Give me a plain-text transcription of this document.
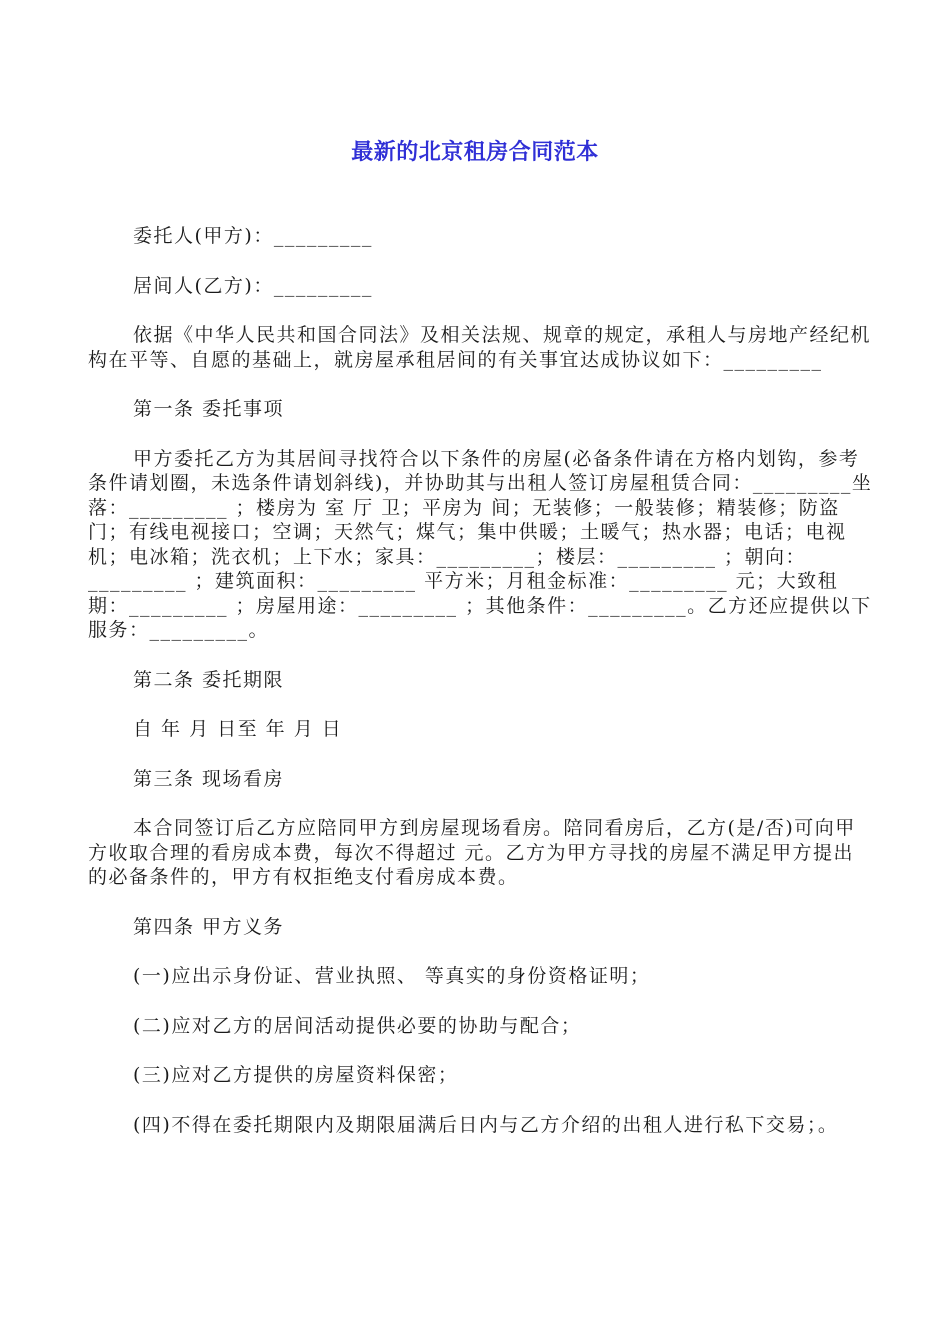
最新的北京租房合同范本

委托人(甲方)：_________

居间人(乙方)：_________

依据《中华人民共和国合同法》及相关法规、规章的规定，承租人与房地产经纪机构在平等、自愿的基础上，就房屋承租居间的有关事宜达成协议如下：_________

第一条 委托事项

甲方委托乙方为其居间寻找符合以下条件的房屋(必备条件请在方格内划钩，参考条件请划圈，未选条件请划斜线)，并协助其与出租人签订房屋租赁合同：_________坐落：_________ ；楼房为 室 厅 卫；平房为 间；无装修；一般装修；精装修；防盗门；有线电视接口；空调；天然气；煤气；集中供暖；土暖气；热水器；电话；电视机；电冰箱；洗衣机；上下水；家具：_________；楼层：_________ ；朝向：_________ ；建筑面积：_________ 平方米；月租金标准：_________ 元；大致租期：_________ ；房屋用途：_________ ；其他条件：_________。乙方还应提供以下服务：_________。

第二条 委托期限

自 年 月 日至 年 月 日

第三条 现场看房

本合同签订后乙方应陪同甲方到房屋现场看房。陪同看房后，乙方(是/否)可向甲方收取合理的看房成本费，每次不得超过 元。乙方为甲方寻找的房屋不满足甲方提出的必备条件的，甲方有权拒绝支付看房成本费。

第四条 甲方义务

(一)应出示身份证、营业执照、 等真实的身份资格证明；

(二)应对乙方的居间活动提供必要的协助与配合；

(三)应对乙方提供的房屋资料保密；

(四)不得在委托期限内及期限届满后日内与乙方介绍的出租人进行私下交易；。
